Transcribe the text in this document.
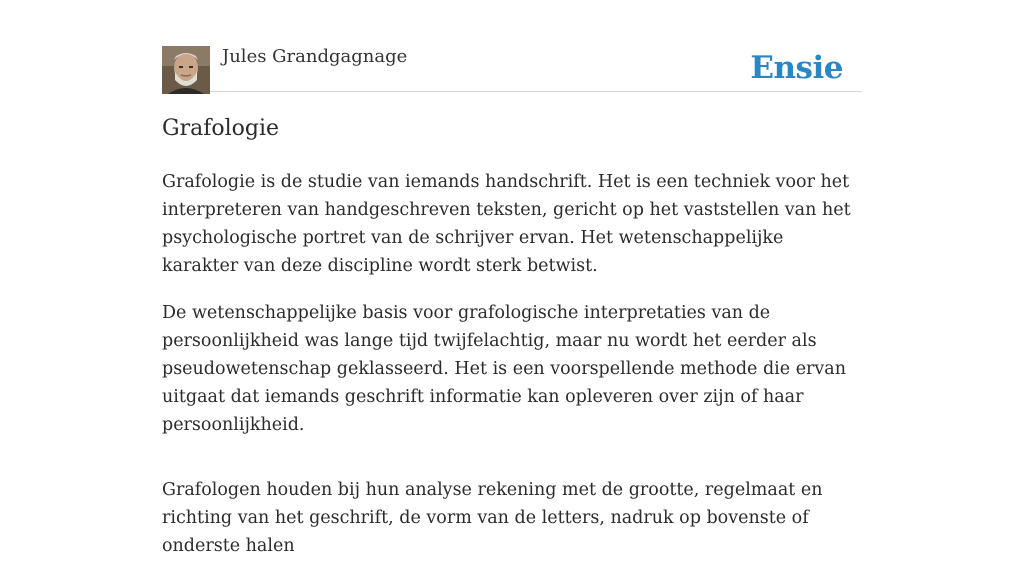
Jules Grandgagnage	Ensie
Grafologie

Grafologie is de studie van iemands handschrift. Het is een techniek voor het interpreteren van handgeschreven teksten, gericht op het vaststellen van het psychologische portret van de schrijver ervan. Het wetenschappelijke karakter van deze discipline wordt sterk betwist.

De wetenschappelijke basis voor grafologische interpretaties van de persoonlijkheid was lange tijd twijfelachtig, maar nu wordt het eerder als pseudowetenschap geklasseerd. Het is een voorspellende methode die ervan uitgaat dat iemands geschrift informatie kan opleveren over zijn of haar persoonlijkheid.

Grafologen houden bij hun analyse rekening met de grootte, regelmaat en richting van het geschrift, de vorm van de letters, nadruk op bovenste of onderste halen
